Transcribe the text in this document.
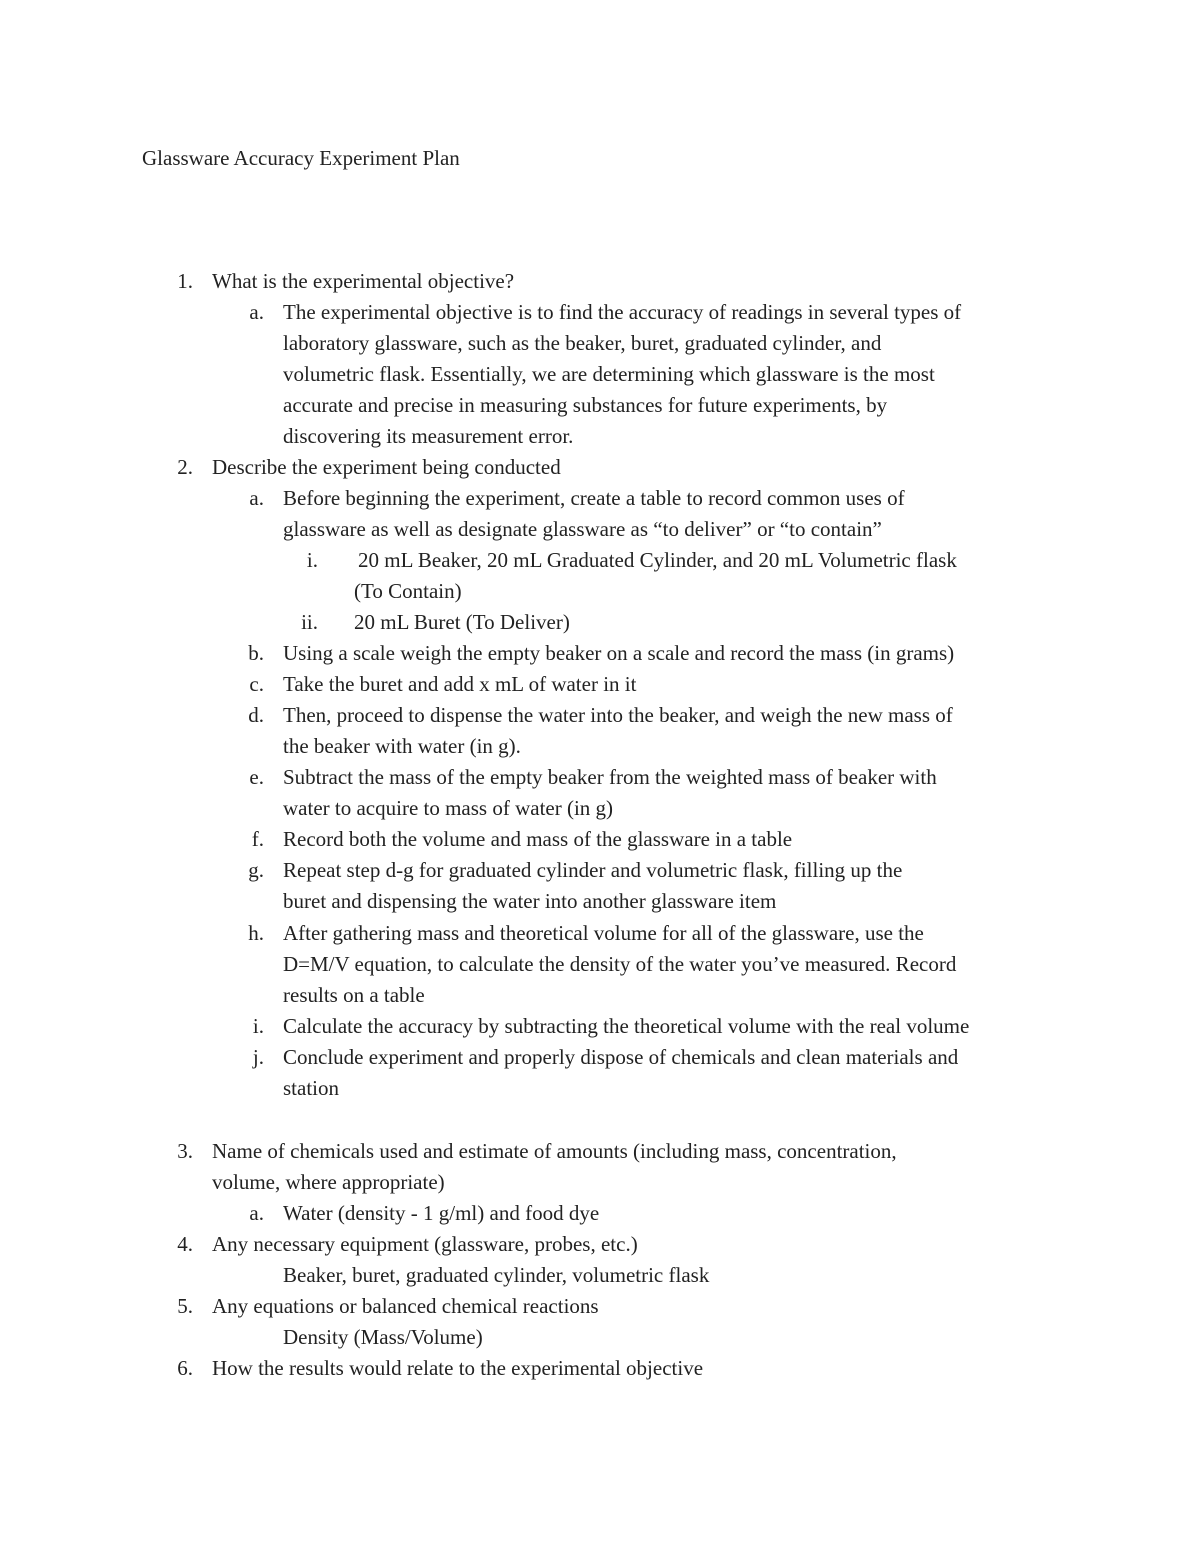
Glassware Accuracy Experiment Plan
1. What is the experimental objective?
a. The experimental objective is to find the accuracy of readings in several types of
laboratory glassware, such as the beaker, buret, graduated cylinder, and
volumetric flask. Essentially, we are determining which glassware is the most
accurate and precise in measuring substances for future experiments, by
discovering its measurement error.
2. Describe the experiment being conducted
a. Before beginning the experiment, create a table to record common uses of
glassware as well as designate glassware as “to deliver” or “to contain”
i. 20 mL Beaker, 20 mL Graduated Cylinder, and 20 mL Volumetric flask
(To Contain)
ii. 20 mL Buret (To Deliver)
b. Using a scale weigh the empty beaker on a scale and record the mass (in grams)
c. Take the buret and add x mL of water in it
d. Then, proceed to dispense the water into the beaker, and weigh the new mass of
the beaker with water (in g).
e. Subtract the mass of the empty beaker from the weighted mass of beaker with
water to acquire to mass of water (in g)
f. Record both the volume and mass of the glassware in a table
g. Repeat step d-g for graduated cylinder and volumetric flask, filling up the
buret and dispensing the water into another glassware item
h. After gathering mass and theoretical volume for all of the glassware, use the
D=M/V equation, to calculate the density of the water you’ve measured. Record
results on a table
i. Calculate the accuracy by subtracting the theoretical volume with the real volume
j. Conclude experiment and properly dispose of chemicals and clean materials and
station
3. Name of chemicals used and estimate of amounts (including mass, concentration,
volume, where appropriate)
a. Water (density - 1 g/ml) and food dye
4. Any necessary equipment (glassware, probes, etc.)
Beaker, buret, graduated cylinder, volumetric flask
5. Any equations or balanced chemical reactions
Density (Mass/Volume)
6. How the results would relate to the experimental objective
